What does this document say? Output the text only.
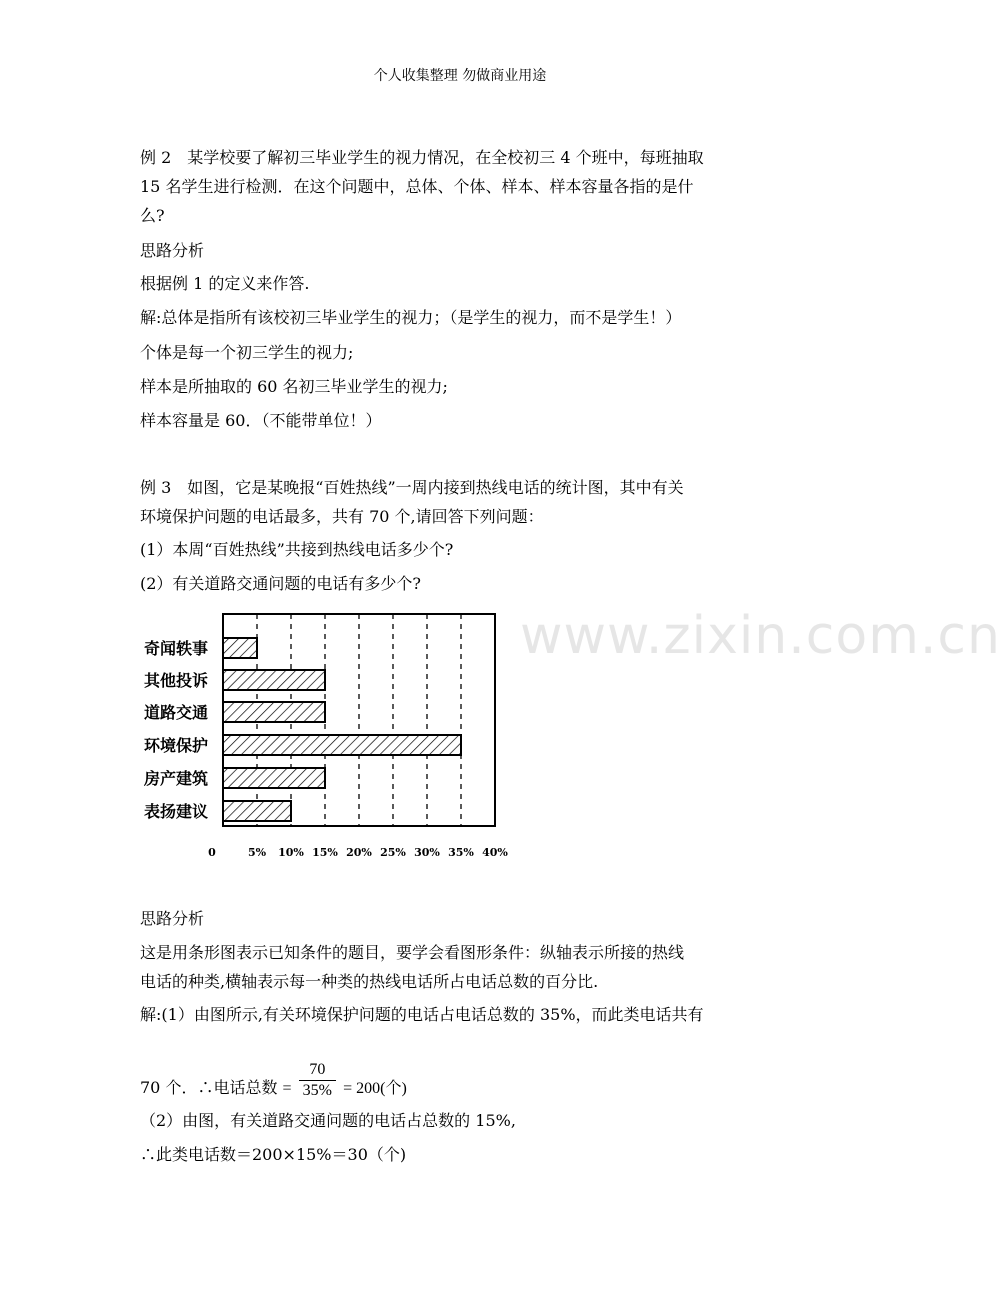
个人收集整理 勿做商业用途
www.zixin.com.cn
例 2　某学校要了解初三毕业学生的视力情况，在全校初三 4 个班中，每班抽取
15 名学生进行检测．在这个问题中，总体、个体、样本、样本容量各指的是什
么?
思路分析
根据例 1 的定义来作答.
解:总体是指所有该校初三毕业学生的视力；（是学生的视力，而不是学生！）
个体是每一个初三学生的视力;
样本是所抽取的 60 名初三毕业学生的视力;
样本容量是 60．（不能带单位！）
例 3　如图，它是某晚报“百姓热线”一周内接到热线电话的统计图，其中有关
环境保护问题的电话最多，共有 70 个,请回答下列问题：
(1）本周“百姓热线”共接到热线电话多少个?
(2）有关道路交通问题的电话有多少个?
奇闻轶事
其他投诉
道路交通
环境保护
房产建筑
表扬建议
0	5% 10% 15% 20% 25% 30% 35% 40%
思路分析
这是用条形图表示已知条件的题目，要学会看图形条件：纵轴表示所接的热线
电话的种类,横轴表示每一种类的热线电话所占电话总数的百分比.
解:(1）由图所示,有关环境保护问题的电话占电话总数的 35%，而此类电话共有
70 个．∴电话总数 = $\frac{70}{35\%} = 200$(个)
（2）由图，有关道路交通问题的电话占总数的 15%,
∴此类电话数＝200×15%＝30（个)
